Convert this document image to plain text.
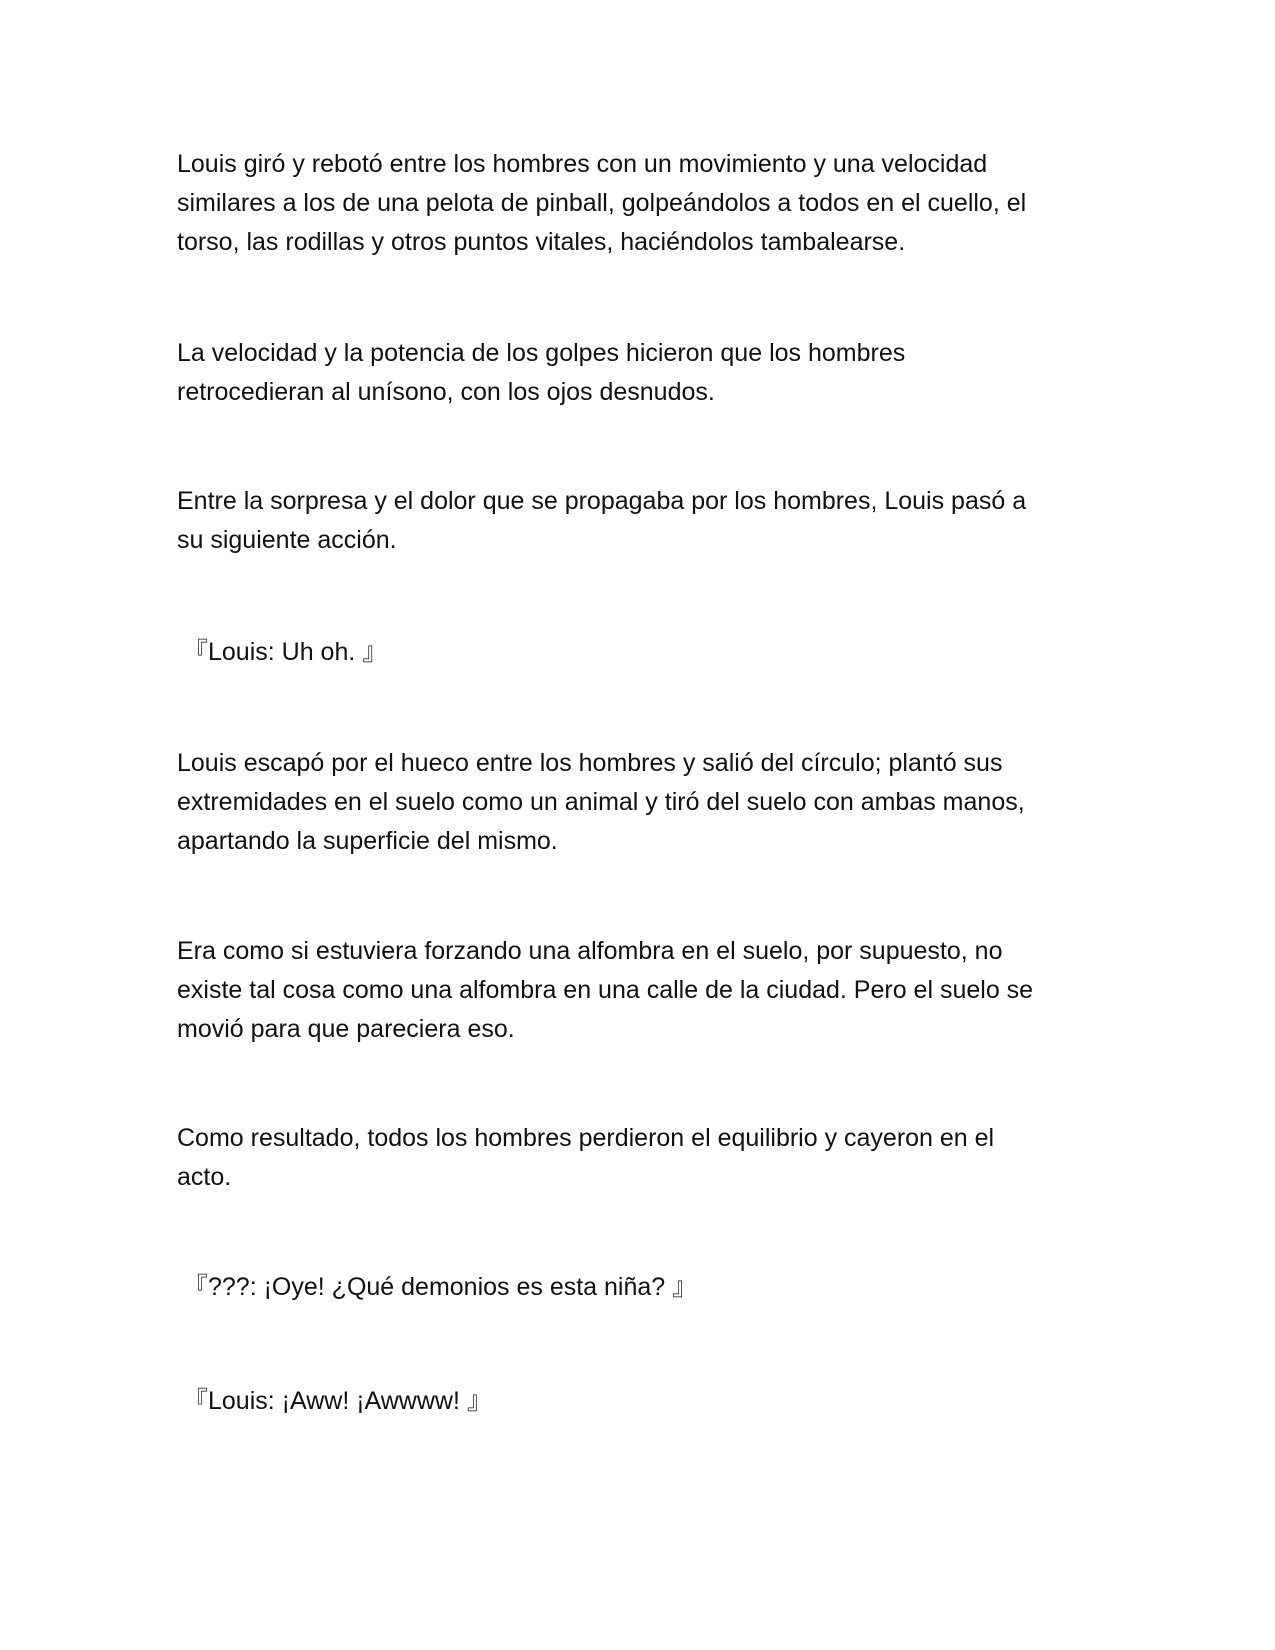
Louis giró y rebotó entre los hombres con un movimiento y una velocidad
similares a los de una pelota de pinball, golpeándolos a todos en el cuello, el
torso, las rodillas y otros puntos vitales, haciéndolos tambalearse.

La velocidad y la potencia de los golpes hicieron que los hombres
retrocedieran al unísono, con los ojos desnudos.

Entre la sorpresa y el dolor que se propagaba por los hombres, Louis pasó a
su siguiente acción.

『Louis: Uh oh. 』

Louis escapó por el hueco entre los hombres y salió del círculo; plantó sus
extremidades en el suelo como un animal y tiró del suelo con ambas manos,
apartando la superficie del mismo.

Era como si estuviera forzando una alfombra en el suelo, por supuesto, no
existe tal cosa como una alfombra en una calle de la ciudad. Pero el suelo se
movió para que pareciera eso.

Como resultado, todos los hombres perdieron el equilibrio y cayeron en el
acto.

『???: ¡Oye! ¿Qué demonios es esta niña? 』

『Louis: ¡Aww! ¡Awwww! 』
